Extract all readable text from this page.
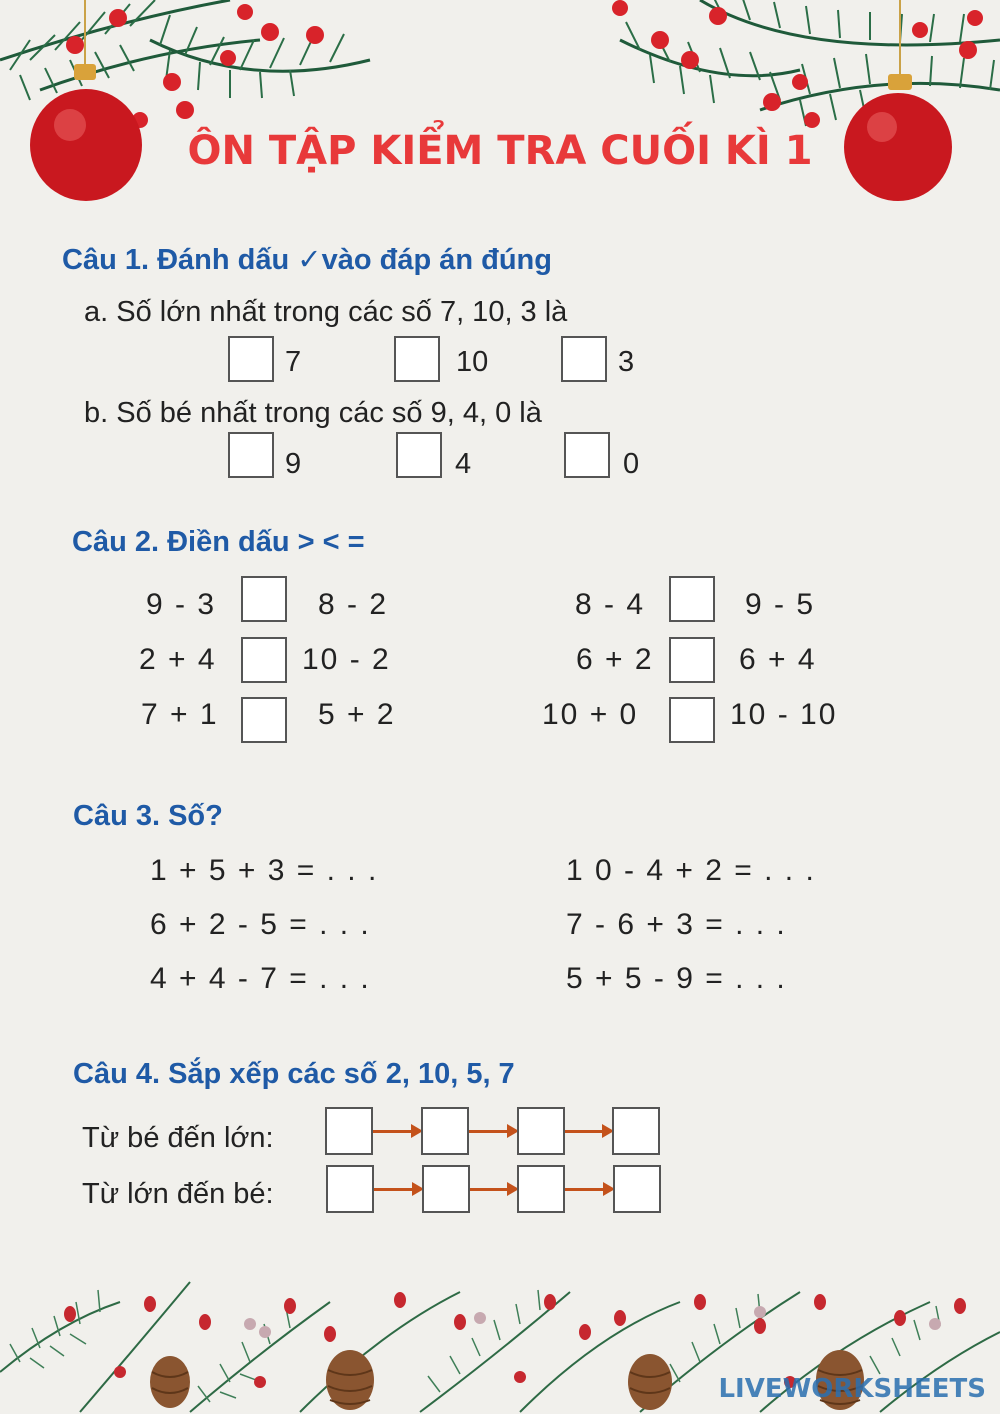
ÔN TẬP KIỂM TRA CUỐI KÌ 1
Câu 1. Đánh dấu ✓vào đáp án đúng
a. Số lớn nhất trong các số 7, 10, 3 là
7	10	3
b. Số bé nhất trong các số 9, 4, 0 là
9	4	0
Câu 2. Điền dấu > < =
9 - 3	8 - 2
2 + 4	10 - 2
7 + 1	5 + 2
8 - 4	9 - 5
6 + 2	6 + 4
10 + 0	10 - 10
Câu 3. Số?
1 + 5 + 3 = . . .
6 + 2 - 5 = . . .
4 + 4 - 7 = . . .
1 0 - 4 + 2 = . . .
7 - 6 + 3 = . . .
5 + 5 - 9 = . . .
Câu 4. Sắp xếp các số 2, 10, 5, 7
Từ bé đến lớn:
Từ lớn đến bé:
LIVEWORKSHEETS
